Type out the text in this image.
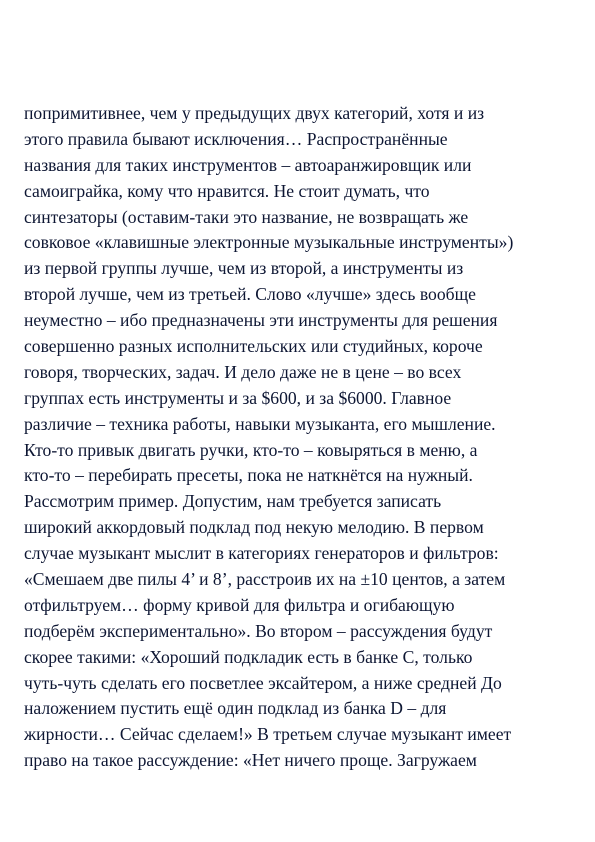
попримитивнее, чем у предыдущих двух категорий, хотя и из
этого правила бывают исключения… Распространённые
названия для таких инструментов – автоаранжировщик или
самоиграйка, кому что нравится. Не стоит думать, что
синтезаторы (оставим-таки это название, не возвращать же
совковое «клавишные электронные музыкальные инструменты»)
из первой группы лучше, чем из второй, а инструменты из
второй лучше, чем из третьей. Слово «лучше» здесь вообще
неуместно – ибо предназначены эти инструменты для решения
совершенно разных исполнительских или студийных, короче
говоря, творческих, задач. И дело даже не в цене – во всех
группах есть инструменты и за $600, и за $6000. Главное
различие – техника работы, навыки музыканта, его мышление.
Кто-то привык двигать ручки, кто-то – ковыряться в меню, а
кто-то – перебирать пресеты, пока не наткнётся на нужный.
Рассмотрим пример. Допустим, нам требуется записать
широкий аккордовый подклад под некую мелодию. В первом
случае музыкант мыслит в категориях генераторов и фильтров:
«Смешаем две пилы 4’ и 8’, расстроив их на ±10 центов, а затем
отфильтруем… форму кривой для фильтра и огибающую
подберём экспериментально». Во втором – рассуждения будут
скорее такими: «Хороший подкладик есть в банке C, только
чуть-чуть сделать его посветлее эксайтером, а ниже средней До
наложением пустить ещё один подклад из банка D – для
жирности… Сейчас сделаем!» В третьем случае музыкант имеет
право на такое рассуждение: «Нет ничего проще. Загружаем
